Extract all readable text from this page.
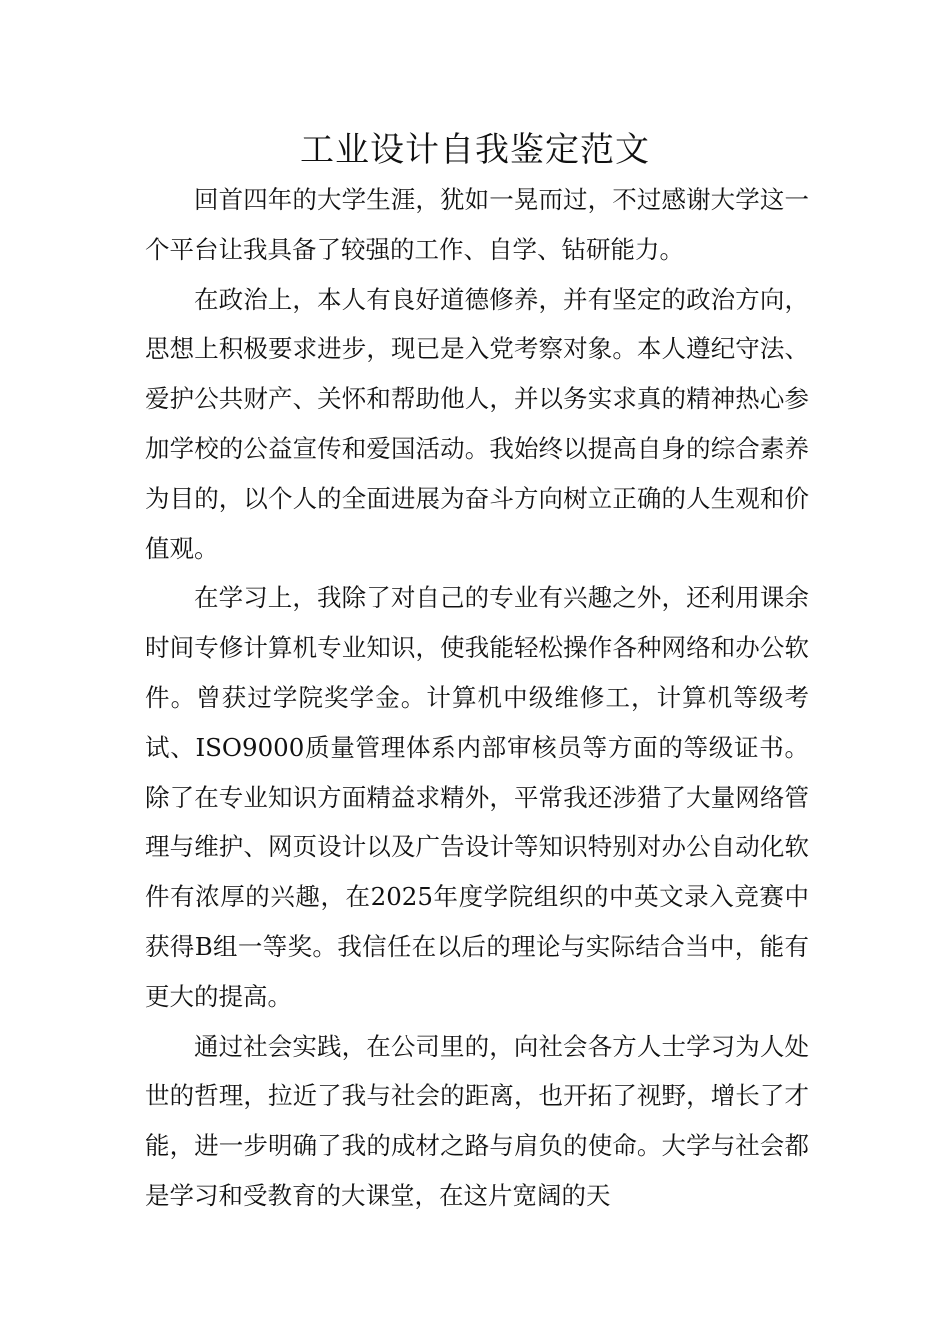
工业设计自我鉴定范文

回首四年的大学生涯，犹如一晃而过，不过感谢大学这一个平台让我具备了较强的工作、自学、钻研能力。

在政治上，本人有良好道德修养，并有坚定的政治方向，思想上积极要求进步，现已是入党考察对象。本人遵纪守法、爱护公共财产、关怀和帮助他人，并以务实求真的精神热心参加学校的公益宣传和爱国活动。我始终以提高自身的综合素养为目的，以个人的全面进展为奋斗方向树立正确的人生观和价值观。

在学习上，我除了对自己的专业有兴趣之外，还利用课余时间专修计算机专业知识，使我能轻松操作各种网络和办公软件。曾获过学院奖学金。计算机中级维修工，计算机等级考试、ISO9000质量管理体系内部审核员等方面的等级证书。除了在专业知识方面精益求精外，平常我还涉猎了大量网络管理与维护、网页设计以及广告设计等知识特别对办公自动化软件有浓厚的兴趣，在2025年度学院组织的中英文录入竞赛中获得B组一等奖。我信任在以后的理论与实际结合当中，能有更大的提高。

通过社会实践，在公司里的，向社会各方人士学习为人处世的哲理，拉近了我与社会的距离，也开拓了视野，增长了才能，进一步明确了我的成材之路与肩负的使命。大学与社会都是学习和受教育的大课堂，在这片宽阔的天
